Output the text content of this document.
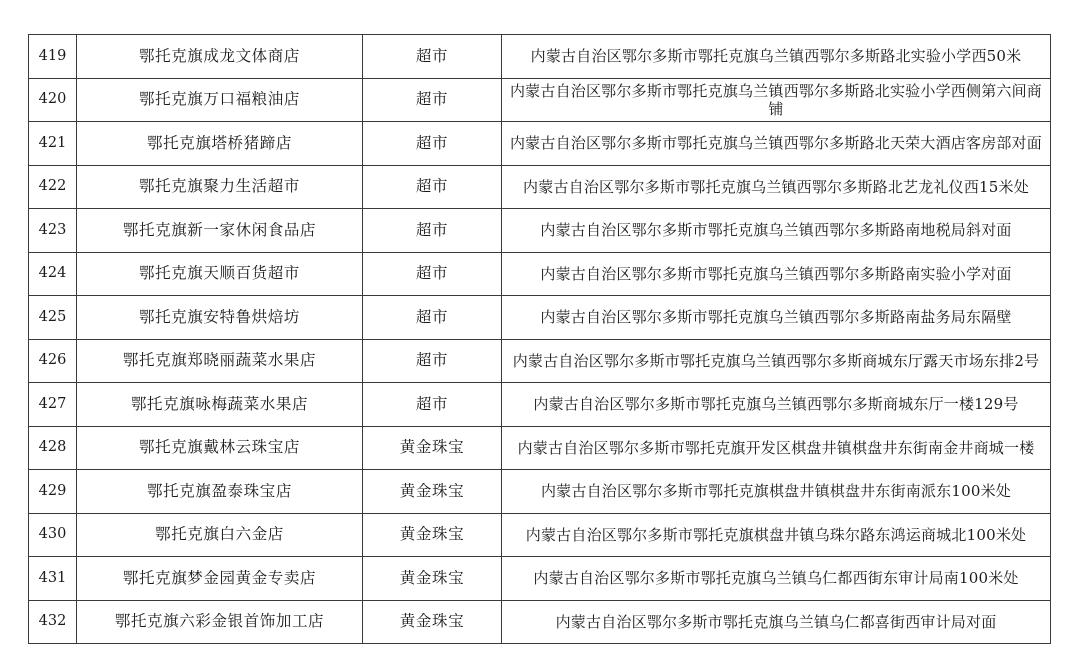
419	鄂托克旗成龙文体商店	超市	内蒙古自治区鄂尔多斯市鄂托克旗乌兰镇西鄂尔多斯路北实验小学西50米
420	鄂托克旗万口福粮油店	超市	内蒙古自治区鄂尔多斯市鄂托克旗乌兰镇西鄂尔多斯路北实验小学西侧第六间商铺
421	鄂托克旗塔桥猪蹄店	超市	内蒙古自治区鄂尔多斯市鄂托克旗乌兰镇西鄂尔多斯路北天荣大酒店客房部对面
422	鄂托克旗聚力生活超市	超市	内蒙古自治区鄂尔多斯市鄂托克旗乌兰镇西鄂尔多斯路北艺龙礼仪西15米处
423	鄂托克旗新一家休闲食品店	超市	内蒙古自治区鄂尔多斯市鄂托克旗乌兰镇西鄂尔多斯路南地税局斜对面
424	鄂托克旗天顺百货超市	超市	内蒙古自治区鄂尔多斯市鄂托克旗乌兰镇西鄂尔多斯路南实验小学对面
425	鄂托克旗安特鲁烘焙坊	超市	内蒙古自治区鄂尔多斯市鄂托克旗乌兰镇西鄂尔多斯路南盐务局东隔壁
426	鄂托克旗郑晓丽蔬菜水果店	超市	内蒙古自治区鄂尔多斯市鄂托克旗乌兰镇西鄂尔多斯商城东厅露天市场东排2号
427	鄂托克旗咏梅蔬菜水果店	超市	内蒙古自治区鄂尔多斯市鄂托克旗乌兰镇西鄂尔多斯商城东厅一楼129号
428	鄂托克旗戴林云珠宝店	黄金珠宝	内蒙古自治区鄂尔多斯市鄂托克旗开发区棋盘井镇棋盘井东街南金井商城一楼
429	鄂托克旗盈泰珠宝店	黄金珠宝	内蒙古自治区鄂尔多斯市鄂托克旗棋盘井镇棋盘井东街南派东100米处
430	鄂托克旗白六金店	黄金珠宝	内蒙古自治区鄂尔多斯市鄂托克旗棋盘井镇乌珠尔路东鸿运商城北100米处
431	鄂托克旗梦金园黄金专卖店	黄金珠宝	内蒙古自治区鄂尔多斯市鄂托克旗乌兰镇乌仁都西街东审计局南100米处
432	鄂托克旗六彩金银首饰加工店	黄金珠宝	内蒙古自治区鄂尔多斯市鄂托克旗乌兰镇乌仁都喜街西审计局对面
